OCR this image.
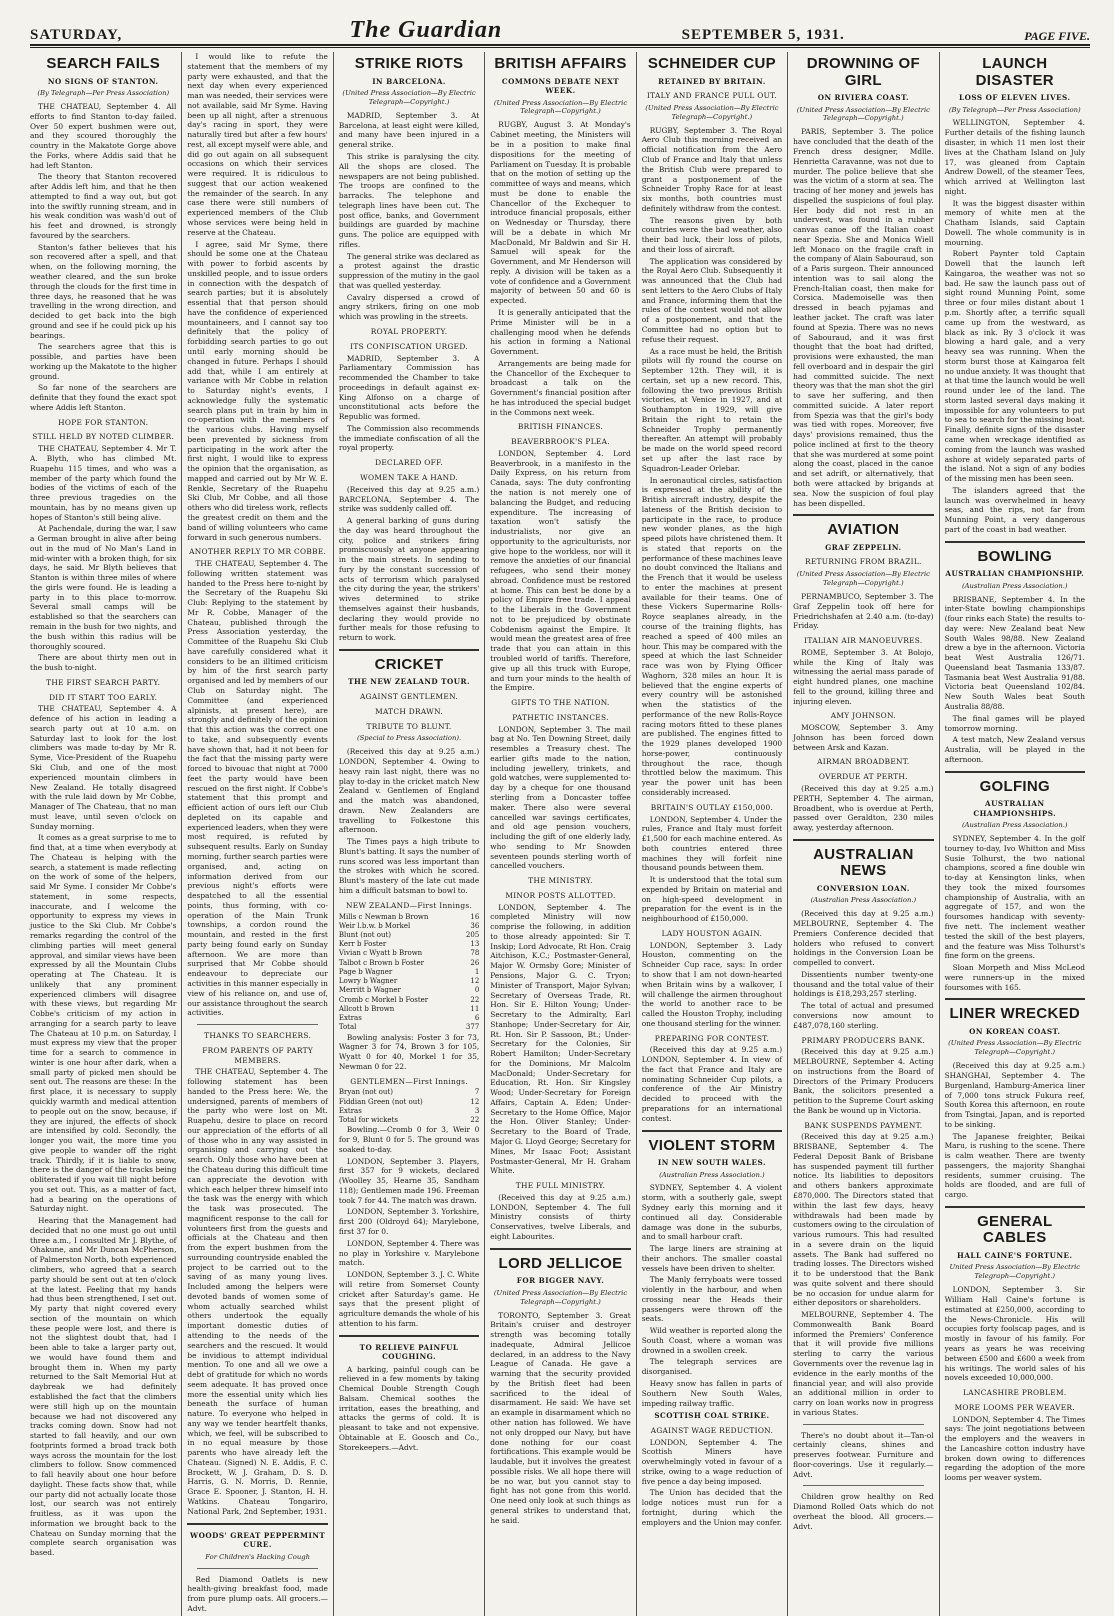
SATURDAY,	The Guardian	SEPTEMBER 5, 1931.	PAGE FIVE.
SEARCH FAILS
NO SIGNS OF STANTON.
(By Telegraph—Per Press Association)

THE CHATEAU, September 4. All efforts to find Stanton to-day failed. Over 50 expert bushmen were out, and they scoured thoroughly the country in the Makatote Gorge above the Forks, where Addis said that he had left Stanton.

The theory that Stanton recovered after Addis left him, and that he then attempted to find a way out, but got into the swiftly running stream, and in his weak condition was wash'd out of his feet and drowned, is strongly favoured by the searchers.

Stanton's father believes that his son recovered after a spell, and that when, on the following morning, the weather cleared, and the sun broke through the clouds for the first time in three days, he reasoned that he was travelling in the wrong direction, and decided to get back into the bigh ground and see if he could pick up his bearings.

The searchers agree that this is possible, and parties have been working up the Makatote to the higher ground.

So far none of the searchers are definite that they found the exact spot where Addis left Stanton.

HOPE FOR STANTON.
STILL HELD BY NOTED CLIMBER.

THE CHATEAU, September 4. Mr T. A. Blyth, who has climbed Mt. Ruapehu 115 times, and who was a member of the party which found the bodies of the victims of each of the three previous tragedies on the mountain, has by no means given up hopes of Stanton's still being alive.

At Pachendale, during the war, I saw a German brought in alive after being out in the mud of No Man's Land in mid-winter with a broken thigh, for six days, he said. Mr Blyth believes that Stanton is within three miles of where the girls were found. He is leading a party in to this place to-morrow. Several small camps will be established so that the searchers can remain in the bush for two nights, and the bush within this radius will be thoroughly scoured.

There are about thirty men out in the bush to-night.

THE FIRST SEARCH PARTY.
DID IT START TOO EARLY.

THE CHATEAU, September 4. A defence of his action in leading a search party out at 10 a.m. on Saturday last to look for the lost climbers was made to-day by Mr R. Syme, Vice-President of the Ruapehu Ski Club, and one of the most experienced mountain climbers in New Zealand. He totally disagreed with the rule laid down by Mr Cobbe, Manager of The Chateau, that no man must leave, until seven o'clock on Sunday morning.

It comes as a great surprise to me to find that, at a time when everybody at The Chateau is helping with the search, a statement is made reflecting on the work of some of the helpers, said Mr Syme. I consider Mr Cobbe's statement, in some respects, inaccurate, and I welcome the opportunity to express my views in justice to the Ski Club. Mr Cobbe's remarks regarding the control of the climbing parties will meet general approval, and similar views have been expressed by all the Mountain Clubs operating at The Chateau. It is unlikely that any prominent experienced climbers will disagree with these views, but regarding Mr Cobbe's criticism of my action in arranging for a search party to leave The Chateau at 10 p.m. on Saturday, I must express my view that the proper time for a search to commence in winter is one hour after dark, when a small party of picked men should be sent out. The reasons are these: In the first place, it is necessary to supply quickly warmth and medical attention to people out on the snow, because, if they are injured, the effects of shock are intensified by cold. Secondly, the longer you wait, the more time you give people to wander off the right track. Thirdly, if it is liable to snow, there is the danger of the tracks being obliterated if you wait till night before you set out. This, as a matter of fact, had a bearing on the operations of Saturday night.

Hearing that the Management had decided that no one must go out until three a.m., I consulted Mr J. Blythe, of Ohakune, and Mr Duncan McPherson, of Palmerston North, both experienced climbers, who agreed that a search party should be sent out at ten o'clock at the latest. Feeling that my hands had thus been strengthened, I set out. My party that night covered every section of the mountain on which these people were lost, and there is not the slightest doubt that, had I been able to take a larger party out, we would have found them and brought them in. When my party returned to the Salt Memorial Hut at daybreak we had definitely established the fact that the climbers were still high up on the mountain because we had not discovered any tracks coming down. Snow had not started to fall heavily, and our own footprints formed a broad track both ways across the mountain for the lost climbers to follow. Snow commenced to fall heavily about one hour before daylight. These facts show that, while our party did not actually locate those lost, our search was not entirely fruitless, as it was upon the information we brought back to the Chateau on Sunday morning that the complete search organisation was based.

I would like to refute the statement that the members of my party were exhausted, and that the next day when every experienced man was needed, their services were not available, said Mr Syme. Having been up all night, after a strenuous day's racing in sport, they were naturally tired but after a few hours' rest, all except myself were able, and did go out again on all subsequent occasions on which their services were required. It is ridiculous to suggest that our action weakened the remainder of the search. In any case there were still numbers of experienced members of the Club whose services were being held in reserve at the Chateau.

I agree, said Mr Syme, there should be some one at the Chateau with power to forbid ascents by unskilled people, and to issue orders in connection with the despatch of search parties; but it is absolutely essential that that person should have the confidence of experienced mountaineers, and I cannot say too definitely that the policy of forbidding search parties to go out until early morning should be changed in future. Perhaps I should add that, while I am entirely at variance with Mr Cobbe in relation to Saturday night's events, I acknowledge fully the systematic search plans put in train by him in co-operation with the members of the various clubs. Having myself been prevented by sickness from participating in the work after the first night, I would like to express the opinion that the organisation, as mapped and carried out by Mr W. E. Renkle, Secretary of the Ruapehu Ski Club, Mr Cobbe, and all those others who did tireless work, reflects the greatest credit on them and the band of willing volunteers who came forward in such generous numbers.

ANOTHER REPLY TO MR COBBE.

THE CHATEAU, September 4. The following written statement was handed to the Press here to-night by the Secretary of the Ruapehu Ski Club: Replying to the statement by Mr R. Cobbe, Manager of the Chateau, published through the Press Association yesterday, the Committee of the Ruapehu Ski Club have carefully considered what it considers to be an illtimed criticism by him of the first search party organised and led by members of our Club on Saturday night. The Committee (and experienced alpinists, at present here), are strongly and definitely of the opinion that this action was the correct one to take, and subsequently events have shown that, had it not been for the fact that the missing party were forced to bivouac that night at 7000 feet the party would have been rescued on the first night. If Cobbe's statement that this prompt and efficient action of ours left our Club depleted on its capable and experienced leaders, when they were most required, is refuted by subsequent results. Early on Sunday morning, further search parties were organised, and, acting on information derived from our previous night's efforts were despatched to all the essential points, thus forming, with co-operation of the Main Trunk townships, a cordon round the mountain, and rested in the first party being found early on Sunday afternoon. We are more than surprised that Mr Cobbe should endeavour to depreciate our activities in this manner especially in view of his reliance on, and use of, our assistance throughout the search activities.

THANKS TO SEARCHERS.
FROM PARENTS OF PARTY MEMBERS.

THE CHATEAU, September 4. The following statement has been handed to the Press here: We, the undersigned, parents of members of the party who were lost on Mt. Ruapehu, desire to place on record our appreciation of the efforts of all of those who in any way assisted in organising and carrying out the search. Only those who have been at the Chateau during this difficult time can appreciate the devotion with which each helper threw himself into the task was the energy with which the task was prosecuted. The magnificent response to the call for volunteers first from the guests and officials at the Chateau and then from the expert bushmen from the surrounding countryside enabled the project to be carried out to the saving of as many young lives. Included among the helpers were devoted bands of women some of whom actually searched whilst others undertook the equally important domestic duties of attending to the needs of the searchers and the rescued. It would be invidious to attempt individual mention. To one and all we owe a debt of gratitude for which no words seem adequate. It has proved once more the essential unity which lies beneath the surface of human nature. To everyone who helped in any way we tender heartfelt thanks, which, we feel, will be subscribed to in no equal measure by those parents who have already left the Chateau. (Signed) N. E. Addis, F. C. Brockett, W. J. Graham, D. S. D. Harris, G. N. Morris, D. Rennie, Grace E. Spooner, J. Stanton, H. H. Watkins. Chateau Tongariro, National Park, 2nd September, 1931.

WOODS' GREAT PEPPERMINT CURE.
For Children's Hacking Cough

Red Diamond Oatlets is new health-giving breakfast food, made from pure plump oats. All grocers.—Advt.

STRIKE RIOTS
IN BARCELONA.
(United Press Association—By Electric Telegraph—Copyright.)

MADRID, September 3. At Barcelona, at least eight were killed, and many have been injured in a general strike.

This strike is paralysing the city. All the shops are closed. The newspapers are not being published. The troops are confined to the barracks. The telephone and telegraph lines have been cut. The post office, banks, and Government buildings are guarded by machine guns. The police are equipped with rifles.

The general strike was declared as a protest against the drastic suppression of the mutiny in the gaol that was quelled yesterday.

Cavalry dispersed a crowd of angry strikers, firing on one mob which was prowling in the streets.

ROYAL PROPERTY.
ITS CONFISCATION URGED.

MADRID, September 3. A Parliamentary Commission has recommended the Chamber to take proceedings in default against ex-King Alfonso on a charge of unconstitutional acts before the Republic was formed.

The Commission also recommends the immediate confiscation of all the royal property.

DECLARED OFF.
WOMEN TAKE A HAND.

(Received this day at 9.25 a.m.) BARCELONA, September 4. The strike was suddenly called off.

A general barking of guns during the day was heard throughout the city, police and strikers firing promiscuously at anyone appearing in the main streets. In sending to fury by the constant succession of acts of terrorism which paralysed the city during the year, the strikers' wives determined to strike themselves against their husbands, declaring they would provide no further meals for those refusing to return to work.

CRICKET
THE NEW ZEALAND TOUR.
AGAINST GENTLEMEN.
MATCH DRAWN.
TRIBUTE TO BLUNT.
(Special to Press Association).

(Received this day at 9.25 a.m.) LONDON, September 4. Owing to heavy rain last night, there was no play to-day in the cricket match New Zealand v. Gentlemen of England and the match was abandoned, drawn. New Zealanders are travelling to Folkestone this afternoon.

The Times pays a high tribute to Blunt's batting. It says the number of runs scored was less important than the strokes with which he scored. Blunt's mastery of the late cut made him a difficult batsman to bowl to.

NEW ZEALAND—First Innings.
Mills c Newman b Brown	16
Weir l.b.w. b Morkel	36
Blunt (not out)	205
Kerr b Foster	13
Vivian c Wyatt b Brown	78
Talbot c Brown b Foster	26
Page b Wagner	1
Lowry b Wagner	12
Merritt b Wagner	0
Cromb c Morkel b Foster	22
Allcott b Brown	11
Extras	6
Total	377

Bowling analysis: Foster 3 for 73, Wagner 3 for 74, Brown 3 for 105, Wyatt 0 for 40, Morkel 1 for 35, Newman 0 for 22.

GENTLEMEN—First Innings.
Bryan (not out)	7
Fiddian Green (not out)	12
Extras	3
Total for wickets	22

Bowling.—Cromb 0 for 3, Weir 0 for 9, Blunt 0 for 5. The ground was soaked to-day.

LONDON, September 3. Players, first 357 for 9 wickets, declared (Woolley 35, Hearne 35, Sandham 118); Gentlemen made 196. Freeman took 7 for 44. The match was drawn.

LONDON, September 3. Yorkshire, first 200 (Oldroyd 64); Marylebone, first 37 for 0.

LONDON, September 4. There was no play in Yorkshire v. Marylebone match.

LONDON, September 3. J. C. White will retire from Somerset County cricket after Saturday's game. He says that the present plight of agriculture demands the whole of his attention to his farm.

TO RELIEVE PAINFUL COUGHING.

A barking, painful cough can be relieved in a few moments by taking Chemical Double Strength Cough Balsam. Chemical soothes the irritation, eases the breathing, and attacks the germs of cold. It is pleasant to take and not expensive. Obtainable at E. Goosch and Co., Storekeepers.—Advt.

BRITISH AFFAIRS
COMMONS DEBATE NEXT WEEK.
(United Press Association—By Electric Telegraph—Copyright.)

RUGBY, August 3. At Monday's Cabinet meeting, the Ministers will be in a position to make final dispositions for the meeting of Parliament on Tuesday. It is probable that on the motion of setting up the committee of ways and means, which must be done to enable the Chancellor of the Exchequer to introduce financial proposals, either on Wednesday or Thursday, there will be a debate in which Mr MacDonald, Mr Baldwin and Sir H. Samuel will speak for the Government, and Mr Henderson will reply. A division will be taken as a vote of confidence and a Government majority of between 50 and 60 is expected.

It is generally anticipated that the Prime Minister will be in a challenging mood when he defends his action in forming a National Government.

Arrangements are being made for the Chancellor of the Exchequer to broadcast a talk on the Government's financial position after he has introduced the special budget in the Commons next week.

BRITISH FINANCES.
BEAVERBROOK'S PLEA.

LONDON, September 4. Lord Beaverbrook, in a manifesto in the Daily Express, on his return from Canada, says: The duty confronting the nation is not merely one of balancing the Budget, and reducing expenditure. The increasing of taxation won't satisfy the industrialists, nor give an opportunity to the agriculturists, nor give hope to the workless, nor will it remove the anxieties of our financial refugees, who send their money abroad. Confidence must be restored at home. This can best be done by a policy of Empire free trade. I appeal to the Liberals in the Government not to be prejudiced by obstinate Cobdenism against the Empire. It would mean the greatest area of free trade that you can attain in this troubled world of tariffs. Therefore, give up all this truck with Europe, and turn your minds to the health of the Empire.

GIFTS TO THE NATION.
PATHETIC INSTANCES.

LONDON, September 3. The mail bag at No. Ten Downing Street, daily resembles a Treasury chest. The earlier gifts made to the nation, including jewellery, trinkets, and gold watches, were supplemented to-day by a cheque for one thousand sterling from a Doncaster toffee maker. There also were several cancelled war savings certificates, and old age pension vouchers, including the gift of one elderly lady, who sending to Mr Snowden seventeen pounds sterling worth of cancelled vouchers.

THE MINISTRY.
MINOR POSTS ALLOTTED.

LONDON, September 4. The completed Ministry will now comprise the following, in addition to those already appointed: Sir T. Inskip; Lord Advocate, Rt Hon. Craig Aitchison, K.C.; Postmaster-General, Major W. Ormsby Gore; Minister of Pensions, Major G. C. Tryon; Minister of Transport, Major Sylvan; Secretary of Overseas Trade, Rt. Hon. Sir E. Hilton Young; Under-Secretary to the Admiralty, Earl Stanhope; Under-Secretary for Air, Rt. Hon. Sir P. Sassoon, Bt.; Under-Secretary for the Colonies, Sir Robert Hamilton; Under-Secretary for the Dominions, Mr Malcolm MacDonald; Under-Secretary for Education, Rt. Hon. Sir Kingsley Wood; Under-Secretary for Foreign Affairs, Captain A. Eden; Under-Secretary to the Home Office, Major the Hon. Oliver Stanley; Under-Secretary to the Board of Trade, Major G. Lloyd George; Secretary for Mines, Mr Isaac Foot; Assistant Postmaster-General, Mr H. Graham White.

THE FULL MINISTRY.

(Received this day at 9.25 a.m.) LONDON, September 4. The full Ministry consists of thirty Conservatives, twelve Liberals, and eight Labourites.

LORD JELLICOE
FOR BIGGER NAVY.
(United Press Association—By Electric Telegraph—Copyright.)

TORONTO, September 3. Great Britain's cruiser and destroyer strength was becoming totally inadequate, Admiral Jellicoe declared, in an address to the Navy League of Canada. He gave a warning that the security provided by the British fleet had been sacrificed to the ideal of disarmament. He said: We have set an example in disarmament which no other nation has followed. We have not only dropped our Navy, but have done nothing for our coast fortifications. This example would be laudable, but it involves the greatest possible risks. We all hope there will be no war, but you cannot stay to fight has not gone from this world. One need only look at such things as general strikes to understand that, he said.

SCHNEIDER CUP
RETAINED BY BRITAIN.
ITALY AND FRANCE PULL OUT.
(United Press Association—By Electric Telegraph—Copyright.)

RUGBY, September 3. The Royal Aero Club this morning received an official notification from the Aero Club of France and Italy that unless the British Club were prepared to grant a postponement of the Schneider Trophy Race for at least six months, both countries must definitely withdraw from the contest.

The reasons given by both countries were the bad weather, also their bad luck, their loss of pilots, and their loss of aircraft.

The application was considered by the Royal Aero Club. Subsequently it was announced that the Club had sent letters to the Aero Clubs of Italy and France, informing them that the rules of the contest would not allow of a postponement, and that the Committee had no option but to refuse their request.

As a race must be held, the British pilots will fly round the course on September 12th. They will, it is certain, set up a new record. This, following the two previous British victories, at Venice in 1927, and at Southampton in 1929, will give Britain the right to retain the Schneider Trophy permanently thereafter. An attempt will probably be made on the world speed record set up after the last race by Squadron-Leader Orlebar.

In aeronautical circles, satisfaction is expressed at the ability of the British aircraft industry, despite the lateness of the British decision to participate in the race, to produce new wonder planes, as the high speed pilots have christened them. It is stated that reports on the performance of these machines leave no doubt convinced the Italians and the French that it would be useless to enter the machines at present available for their teams. One of these Vickers Supermarine Rolls-Royce seaplanes already, in the course of the training flights, has reached a speed of 400 miles an hour. This may be compared with the speed at which the last Schneider race was won by Flying Officer Waghorn, 328 miles an hour. It is believed that the engine experts of every country will be astonished when the statistics of the performance of the new Rolls-Royce racing motors fitted to these planes are published. The engines fitted to the 1929 planes developed 1900 horse-power, continuously throughout the race, though throttled below the maximum. This year the power unit has been considerably increased.

BRITAIN'S OUTLAY £150,000.

LONDON, September 4. Under the rules, France and Italy must forfeit £1,500 for each machine entered. As both countries entered three machines they will forfeit nine thousand pounds between them.

It is understood that the total sum expended by Britain on material and on high-speed development in preparation for the event is in the neighbourhood of £150,000.

LADY HOUSTON AGAIN.

LONDON, September 3. Lady Houston, commenting on the Schneider Cup race, says: In order to show that I am not down-hearted when Britain wins by a walkover, I will challenge the airmen throughout the world to another race to be called the Houston Trophy, including one thousand sterling for the winner.

PREPARING FOR CONTEST.

(Received this day at 9.25 a.m.) LONDON, September 4. In view of the fact that France and Italy are nominating Schneider Cup pilots, a conference of the Air Ministry decided to proceed with the preparations for an international contest.

VIOLENT STORM
IN NEW SOUTH WALES.
(Australian Press Association.)

SYDNEY, September 4. A violent storm, with a southerly gale, swept Sydney early this morning and it continued all day. Considerable damage was done in the suburbs, and to small harbour craft.

The large liners are straining at their anchors. The smaller coastal vessels have been driven to shelter.

The Manly ferryboats were tossed violently in the harbour, and when crossing near the Heads their passengers were thrown off the seats.

Wild weather is reported along the South Coast, where a woman was drowned in a swollen creek.

The telegraph services are disorganised.

Heavy snow has fallen in parts of Southern New South Wales, impeding railway traffic.

SCOTTISH COAL STRIKE.
AGAINST WAGE REDUCTION.

LONDON, September 4. The Scottish Miners have overwhelmingly voted in favour of a strike, owing to a wage reduction of five pence a day being imposed.

The Union has decided that the lodge notices must run for a fortnight, during which the employers and the Union may confer.

DROWNING OF GIRL
ON RIVIERA COAST.
(United Press Association—By Electric Telegraph—Copyright.)

PARIS, September 3. The police have concluded that the death of the French dress designer, Mdlle. Henrietta Caravanne, was not due to murder. The police believe that she was the victim of a storm at sea. The tracing of her money and jewels has dispelled the suspicions of foul play. Her body did not rest in an undervest, was found in a rubber canvas canoe off the Italian coast near Spezia. She and Monica Wiell left Monaco on the fragile craft in the company of Alain Sabouraud, son of a Paris surgeon. Their announced intention was to sail along the French-Italian coast, then make for Corsica. Mademoiselle was then dressed in beach pyjamas and leather jacket. The craft was later found at Spezia. There was no news of Sabouraud, and it was first thought that the boat had drifted, provisions were exhausted, the man fell overboard and in despair the girl had committed suicide. The next theory was that the man shot the girl to save her suffering, and then committed suicide. A later report from Spezia was that the girl's body was tied with ropes. Moreover, five days' provisions remained, thus the police inclined at first to the theory that she was murdered at some point along the coast, placed in the canoe and set adrift, or alternatively, that both were attacked by brigands at sea. Now the suspicion of foul play has been dispelled.

AVIATION
GRAF ZEPPELIN.
RETURNING FROM BRAZIL.
(United Press Association—By Electric Telegraph—Copyright.)

PERNAMBUCO, September 3. The Graf Zeppelin took off here for Friedrichshafen at 2.40 a.m. (to-day) Friday.

ITALIAN AIR MANOEUVRES.

ROME, September 3. At Bolojo, while the King of Italy was witnessing the aerial mass parade of eight hundred planes, one machine fell to the ground, killing three and injuring eleven.

AMY JOHNSON.

MOSCOW, September 3. Amy Johnson has been forced down between Arsk and Kazan.

AIRMAN BROADBENT.
OVERDUE AT PERTH.

(Received this day at 9.25 a.m.) PERTH, September 4. The airman, Broadbent, who is overdue at Perth, passed over Geraldton, 230 miles away, yesterday afternoon.

AUSTRALIAN NEWS
CONVERSION LOAN.
(Australian Press Association.)

(Received this day at 9.25 a.m.) MELBOURNE, September 4. The Premiers Conference decided that holders who refused to convert holdings in the Conversion Loan be compelled to convert.

Dissentients number twenty-one thousand and the total value of their holdings is £18,293,257 sterling.

The total of actual and presumed conversions now amount to £487,078,160 sterling.

PRIMARY PRODUCERS BANK.

(Received this day at 9.25 a.m.) MELBOURNE, September 4. Acting on instructions from the Board of Directors of the Primary Producers Bank, the solicitors presented a petition to the Supreme Court asking the Bank be wound up in Victoria.

BANK SUSPENDS PAYMENT.

(Received this day at 9.25 a.m.) BRISBANE, September 4. The Federal Deposit Bank of Brisbane has suspended payment till further notice. Its liabilities to depositors and others bankers approximate £870,000. The Directors stated that within the last few days, heavy withdrawals had been made by customers owing to the circulation of various rumours. This had resulted in a severe drain on the liquid assets. The Bank had suffered no trading losses. The Directors wished it to be understood that the Bank was quite solvent and there should be no occasion for undue alarm for either depositors or shareholders.

MELBOURNE, September 4. The Commonwealth Bank Board informed the Premiers' Conference that it will provide five millions sterling to carry the various Governments over the revenue lag in evidence in the early months of the financial year, and will also provide an additional million in order to carry on loan works now in progress in various States.

There's no doubt about it—Tan-ol certainly cleans, shines and preserves footwear. Furniture and floor-coverings. Use it regularly.—Advt.

Children grow healthy on Red Diamond Rolled Oats which do not overheat the blood. All grocers.—Advt.

LAUNCH DISASTER
LOSS OF ELEVEN LIVES.
(By Telegraph—Per Press Association)

WELLINGTON, September 4. Further details of the fishing launch disaster, in which 11 men lost their lives at the Chatham Island on July 17, was gleaned from Captain Andrew Dowell, of the steamer Tees, which arrived at Wellington last night.

It was the biggest disaster within memory of white men at the Chatham Islands, said Captain Dowell. The whole community is in mourning.

Robert Paynter told Captain Dowell that the launch left Kaingaroa, the weather was not so bad. He saw the launch pass out of sight round Munning Point, some three or four miles distant about 1 p.m. Shortly after, a terrific squall came up from the westward, as black as ink. By 3 o'clock it was blowing a hard gale, and a very heavy sea was running. When the storm burst those at Kaingaroa felt no undue anxiety. It was thought that at that time the launch would be well round under lee of the land. The storm lasted several days making it impossible for any volunteers to put to sea to search for the missing boat. Finally, definite signs of the disaster came when wreckage identified as coming from the launch was washed ashore at widely separated parts of the island. Not a sign of any bodies of the missing men has been seen.

The islanders agreed that the launch was overwhelmed in heavy seas, and the rips, not far from Munning Point, a very dangerous part of the coast in bad weather.

BOWLING
AUSTRALIAN CHAMPIONSHIP.
(Australian Press Association.)

BRISBANE, September 4. In the inter-State bowling championships (four rinks each State) the results to-day were: New Zealand beat New South Wales 98/88. New Zealand drew a bye in the afternoon. Victoria beat West Australia 126/71. Queensland beat Tasmania 133/87. Tasmania beat West Australia 91/88. Victoria beat Queensland 102/84. New South Wales beat South Australia 88/88.

The final games will be played tomorrow morning.

A test match, New Zealand versus Australia, will be played in the afternoon.

GOLFING
AUSTRALIAN CHAMPIONSHIPS.
(Australian Press Association.)

SYDNEY, September 4. In the golf tourney to-day, Ivo Whitton and Miss Susie Tolhurst, the two national champions, scored a fine double win to-day at Kensington links, when they took the mixed foursomes championship of Australia, with an aggregate of 157, and won the foursomes handicap with seventy-five nett. The inclement weather tested the skill of the best players, and the feature was Miss Tolhurst's fine form on the greens.

Sloan Morpeth and Miss McLeod were runners-up in the mixed foursomes with 165.

LINER WRECKED
ON KOREAN COAST.
(United Press Association—By Electric Telegraph—Copyright.)

(Received this day at 9.25 a.m.) SHANGHAI, September 4. The Burgenland, Hamburg-America liner of 7,000 tons struck Fukura reef, South Korea this afternoon, en route from Tsingtai, Japan, and is reported to be sinking.

The Japanese freighter, Beikai Maru, is rushing to the scene. There is calm weather. There are twenty passengers, the majority Shanghai residents, summer cruising. The holds are flooded, and are full of cargo.

GENERAL CABLES
HALL CAINE'S FORTUNE.
United Press Association—By Electric Telegraph—Copyright.)

LONDON, September 3. Sir William Hall Caine's fortune is estimated at £250,000, according to the News-Chronicle. His will occupies forty foolscap pages, and is mostly in favour of his family. For years as years he was receiving between £500 and £600 a week from his writings. The world sales of his novels exceeded 10,000,000.

LANCASHIRE PROBLEM.
MORE LOOMS PER WEAVER.

LONDON, September 4. The Times says: The joint negotiations between the employers and the weavers in the Lancashire cotton industry have broken down owing to differences regarding the adoption of the more looms per weaver system.
